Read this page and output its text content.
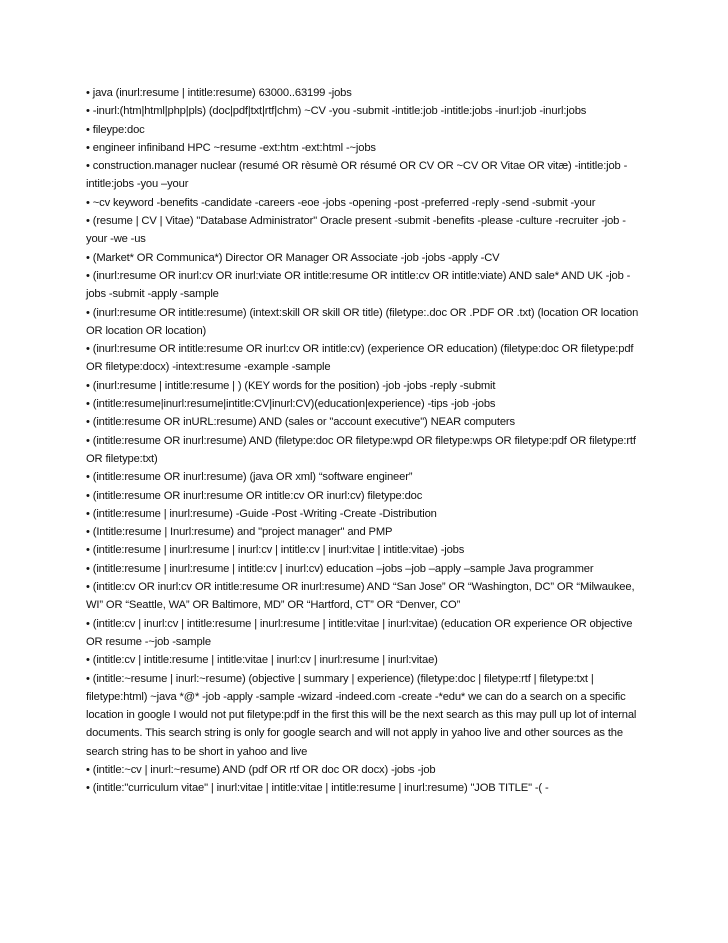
• java (inurl:resume | intitle:resume) 63000..63199 -jobs
• -inurl:(htm|html|php|pls) (doc|pdf|txt|rtf|chm) ~CV -you -submit -intitle:job -intitle:jobs -inurl:job -inurl:jobs
• fileype:doc
• engineer infiniband HPC ~resume -ext:htm -ext:html -~jobs
• construction.manager nuclear (resumé OR rèsumè OR résumé OR CV OR ~CV OR Vitae OR vitæ) -intitle:job -intitle:jobs -you –your
• ~cv keyword -benefits -candidate -careers -eoe -jobs -opening -post -preferred -reply -send -submit -your
• (resume | CV | Vitae) "Database Administrator" Oracle present -submit -benefits -please -culture -recruiter -job -your -we -us
• (Market* OR Communica*) Director OR Manager OR Associate -job -jobs -apply -CV
• (inurl:resume OR inurl:cv OR inurl:viate OR intitle:resume OR intitle:cv OR intitle:viate) AND sale* AND UK -job -jobs -submit -apply -sample
• (inurl:resume OR intitle:resume) (intext:skill OR skill OR title) (filetype:.doc OR .PDF OR .txt) (location OR location OR location OR location)
• (inurl:resume OR intitle:resume OR inurl:cv OR intitle:cv) (experience OR education) (filetype:doc OR filetype:pdf OR filetype:docx) -intext:resume -example -sample
• (inurl:resume | intitle:resume | ) (KEY words for the position) -job -jobs -reply -submit
• (intitle:resume|inurl:resume|intitle:CV|inurl:CV)(education|experience) -tips -job -jobs
• (intitle:resume OR inURL:resume) AND (sales or "account executive") NEAR computers
• (intitle:resume OR inurl:resume) AND (filetype:doc OR filetype:wpd OR filetype:wps OR filetype:pdf OR filetype:rtf OR filetype:txt)
• (intitle:resume OR inurl:resume) (java OR xml) “software engineer”
• (intitle:resume OR inurl:resume OR intitle:cv OR inurl:cv) filetype:doc
• (intitle:resume | inurl:resume) -Guide -Post -Writing -Create -Distribution
• (Intitle:resume | Inurl:resume) and "project manager" and PMP
• (intitle:resume | inurl:resume | inurl:cv | intitle:cv | inurl:vitae | intitle:vitae) -jobs
• (intitle:resume | inurl:resume | intitle:cv | inurl:cv) education –jobs –job –apply –sample Java programmer
• (intitle:cv OR inurl:cv OR intitle:resume OR inurl:resume) AND “San Jose” OR “Washington, DC” OR “Milwaukee, WI” OR “Seattle, WA” OR Baltimore, MD” OR “Hartford, CT” OR “Denver, CO”
• (intitle:cv | inurl:cv | intitle:resume | inurl:resume | intitle:vitae | inurl:vitae) (education OR experience OR objective OR resume -~job -sample
• (intitle:cv | intitle:resume | intitle:vitae | inurl:cv | inurl:resume | inurl:vitae)
• (intitle:~resume | inurl:~resume) (objective | summary | experience) (filetype:doc | filetype:rtf | filetype:txt | filetype:html) ~java *@* -job -apply -sample -wizard -indeed.com -create -*edu* we can do a search on a specific location in google I would not put filetype:pdf in the first this will be the next search as this may pull up lot of internal documents. This search string is only for google search and will not apply in yahoo live and other sources as the search string has to be short in yahoo and live
• (intitle:~cv | inurl:~resume) AND (pdf OR rtf OR doc OR docx) -jobs -job
• (intitle:"curriculum vitae" | inurl:vitae | intitle:vitae | intitle:resume | inurl:resume) "JOB TITLE" -( -
